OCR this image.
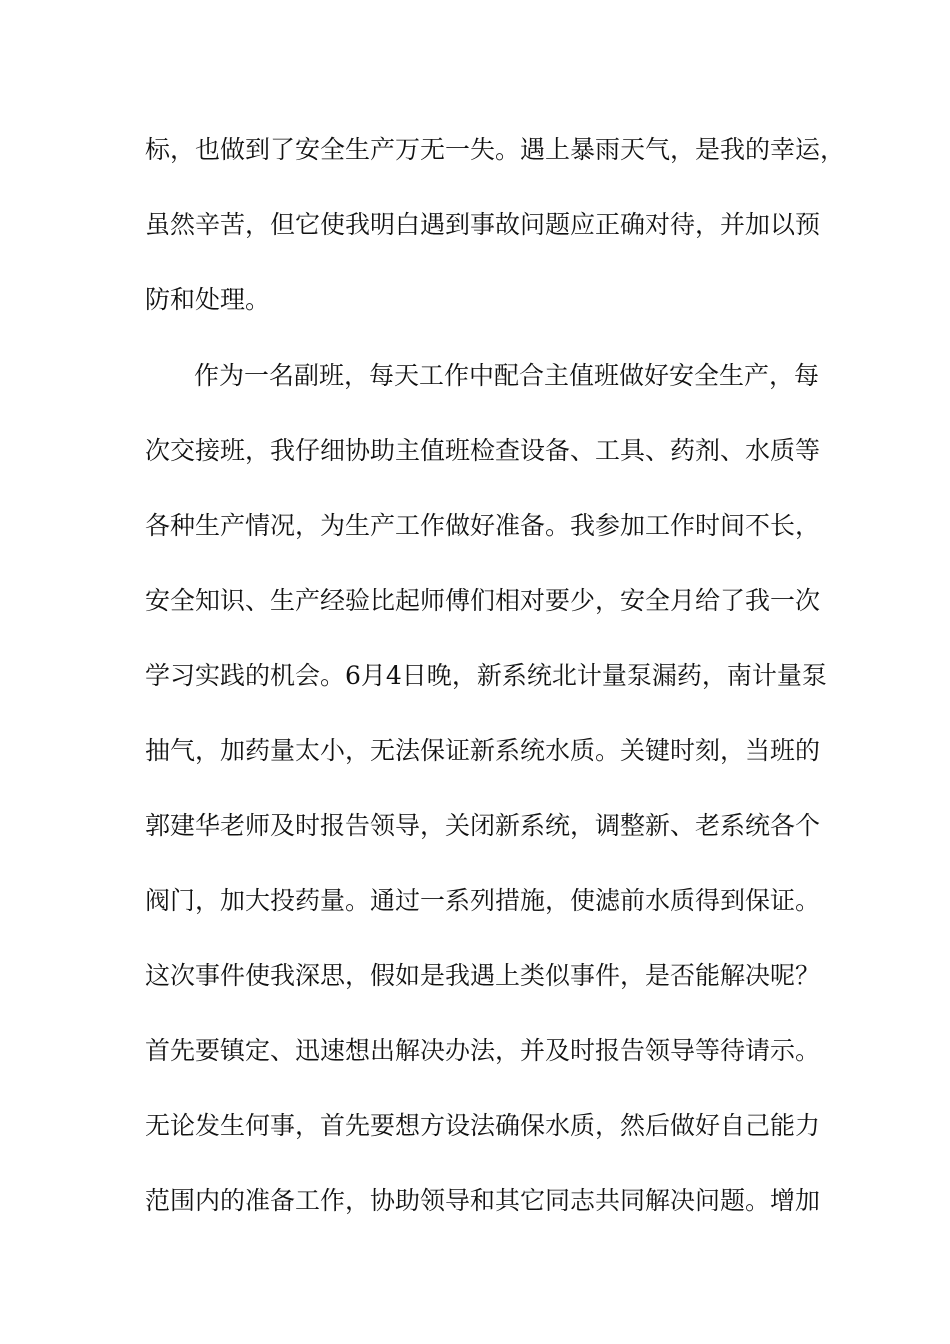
标，也做到了安全生产万无一失。遇上暴雨天气，是我的幸运，

虽然辛苦，但它使我明白遇到事故问题应正确对待，并加以预

防和处理。

作为一名副班，每天工作中配合主值班做好安全生产，每

次交接班，我仔细协助主值班检查设备、工具、药剂、水质等

各种生产情况，为生产工作做好准备。我参加工作时间不长，

安全知识、生产经验比起师傅们相对要少，安全月给了我一次

学习实践的机会。6月4日晚，新系统北计量泵漏药，南计量泵

抽气，加药量太小，无法保证新系统水质。关键时刻，当班的

郭建华老师及时报告领导，关闭新系统，调整新、老系统各个

阀门，加大投药量。通过一系列措施，使滤前水质得到保证。

这次事件使我深思，假如是我遇上类似事件，是否能解决呢？

首先要镇定、迅速想出解决办法，并及时报告领导等待请示。

无论发生何事，首先要想方设法确保水质，然后做好自己能力

范围内的准备工作，协助领导和其它同志共同解决问题。增加
